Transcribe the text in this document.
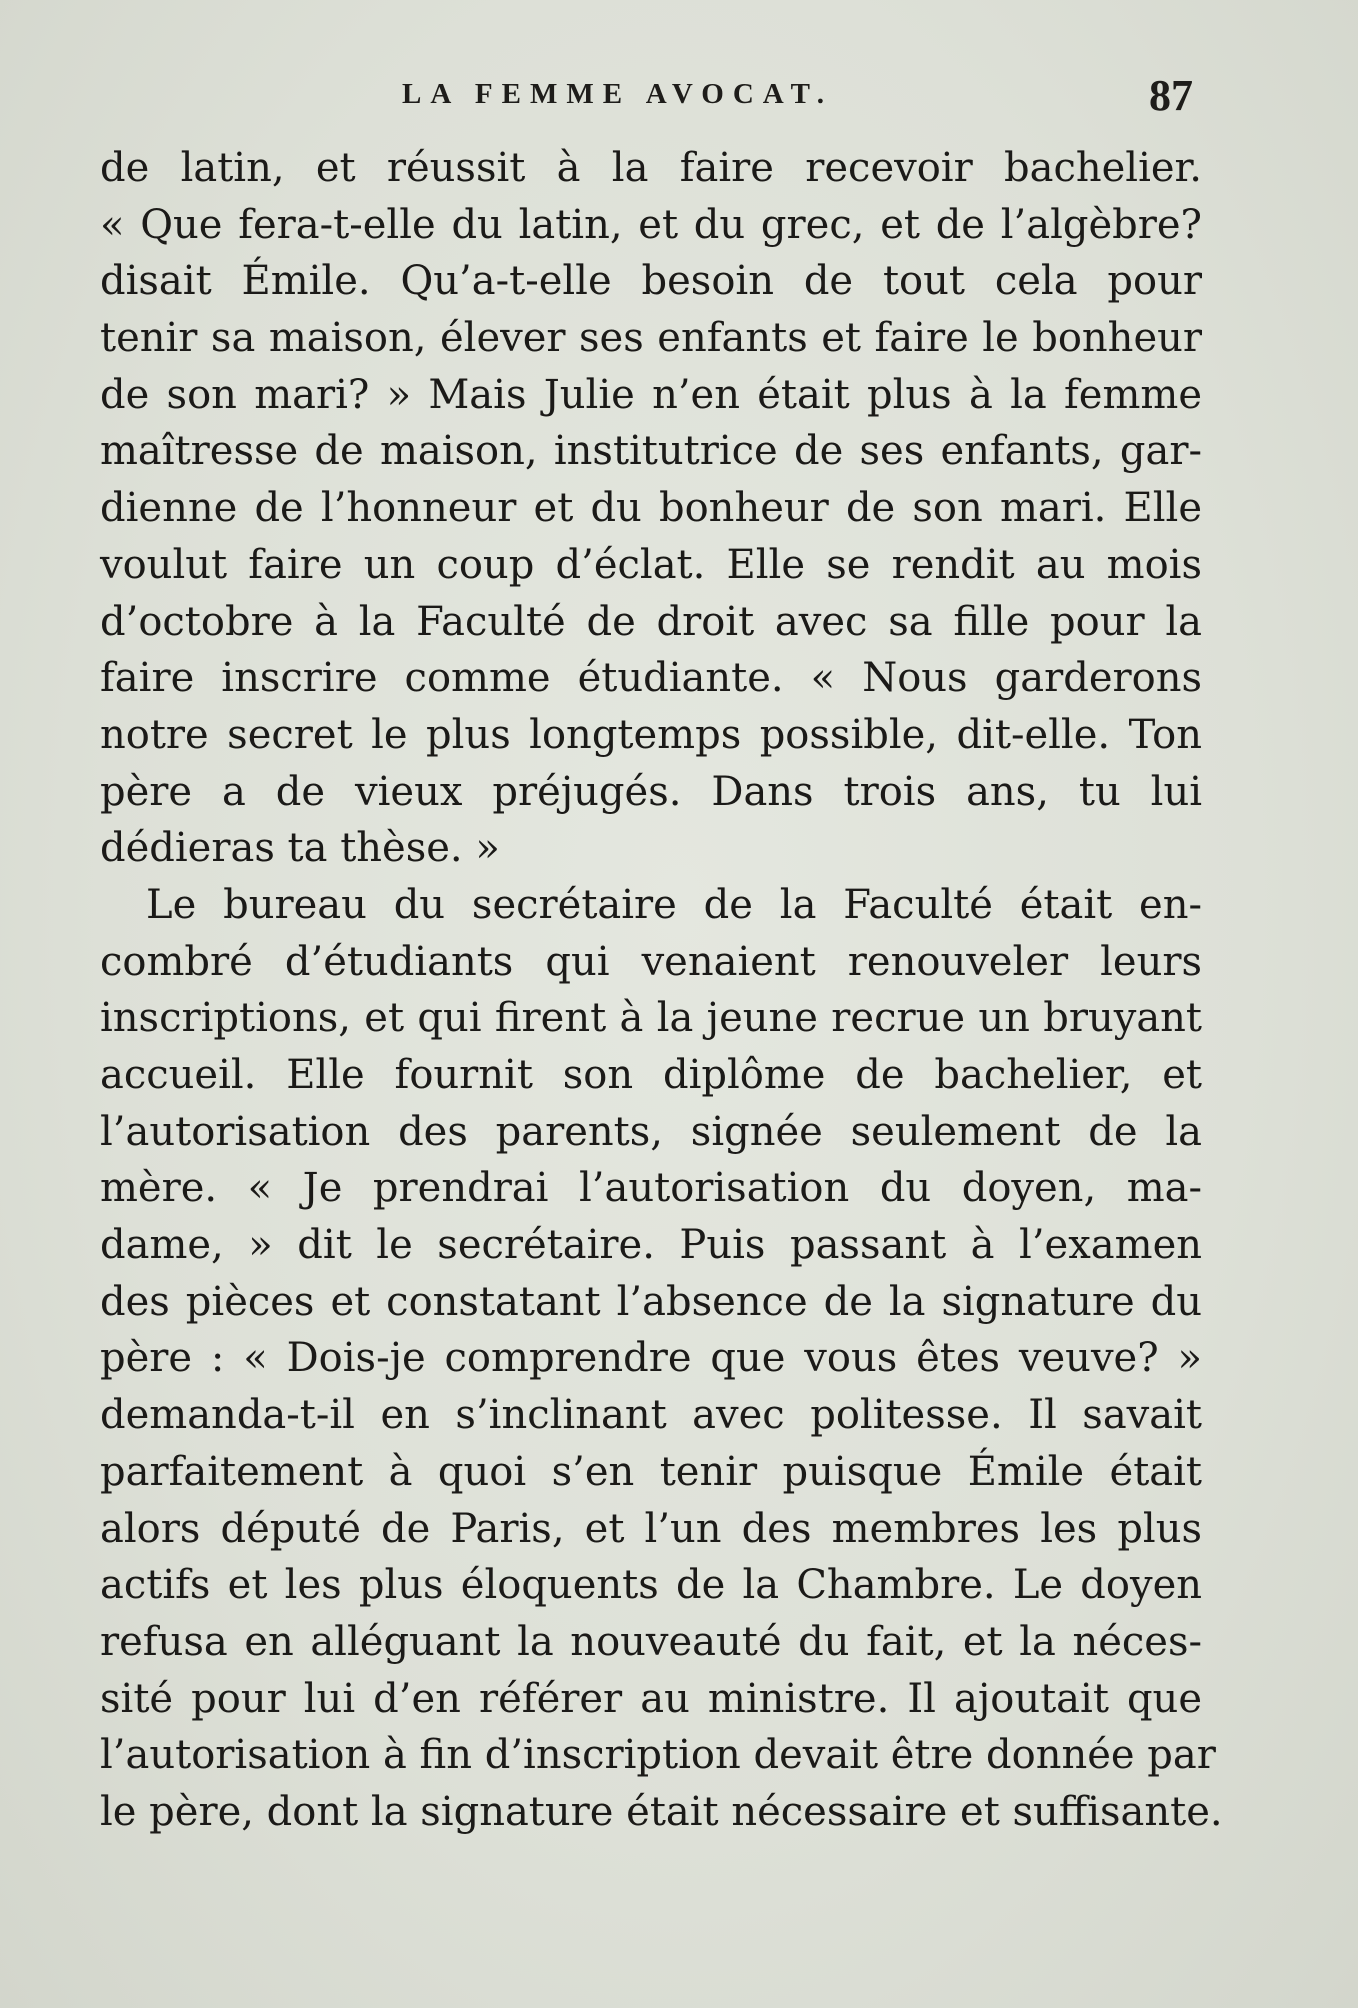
LA FEMME AVOCAT.	87
de latin, et réussit à la faire recevoir bachelier.
« Que fera-t-elle du latin, et du grec, et de l’algèbre?
disait Émile. Qu’a-t-elle besoin de tout cela pour
tenir sa maison, élever ses enfants et faire le bonheur
de son mari? » Mais Julie n’en était plus à la femme
maîtresse de maison, institutrice de ses enfants, gar-
dienne de l’honneur et du bonheur de son mari. Elle
voulut faire un coup d’éclat. Elle se rendit au mois
d’octobre à la Faculté de droit avec sa fille pour la
faire inscrire comme étudiante. « Nous garderons
notre secret le plus longtemps possible, dit-elle. Ton
père a de vieux préjugés. Dans trois ans, tu lui
dédieras ta thèse. »
Le bureau du secrétaire de la Faculté était en-
combré d’étudiants qui venaient renouveler leurs
inscriptions, et qui firent à la jeune recrue un bruyant
accueil. Elle fournit son diplôme de bachelier, et
l’autorisation des parents, signée seulement de la
mère. « Je prendrai l’autorisation du doyen, ma-
dame, » dit le secrétaire. Puis passant à l’examen
des pièces et constatant l’absence de la signature du
père : « Dois-je comprendre que vous êtes veuve? »
demanda-t-il en s’inclinant avec politesse. Il savait
parfaitement à quoi s’en tenir puisque Émile était
alors député de Paris, et l’un des membres les plus
actifs et les plus éloquents de la Chambre. Le doyen
refusa en alléguant la nouveauté du fait, et la néces-
sité pour lui d’en référer au ministre. Il ajoutait que
l’autorisation à fin d’inscription devait être donnée par
le père, dont la signature était nécessaire et suffisante.
